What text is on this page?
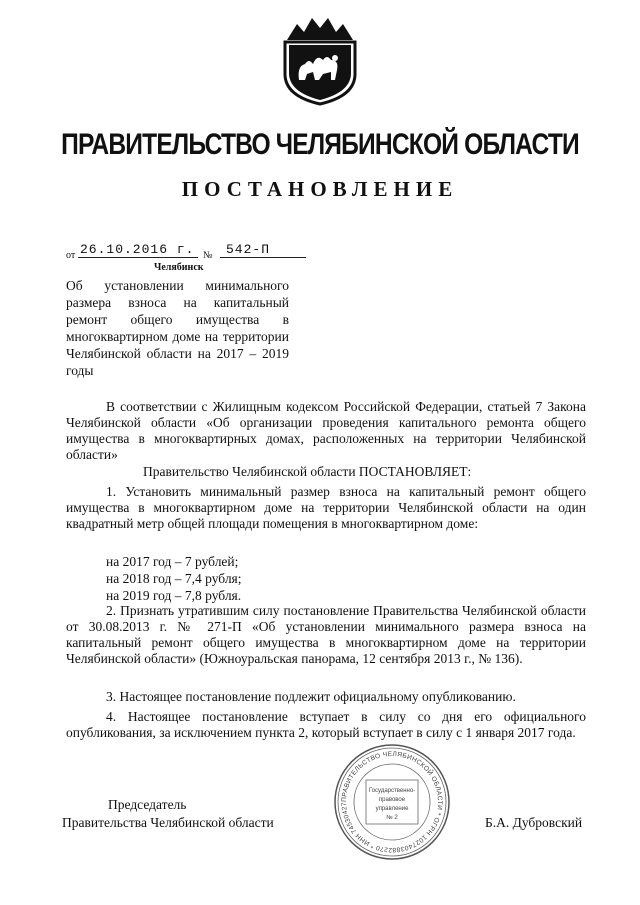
ПРАВИТЕЛЬСТВО ЧЕЛЯБИНСКОЙ ОБЛАСТИ
ПОСТАНОВЛЕНИЕ
от 26.10.2016 г. № 542-П
Челябинск
Об установлении минимального размера взноса на капитальный ремонт общего имущества в многоквартирном доме на территории Челябинской области на 2017 – 2019 годы
В соответствии с Жилищным кодексом Российской Федерации, статьей 7 Закона Челябинской области «Об организации проведения капитального ремонта общего имущества в многоквартирных домах, расположенных на территории Челябинской области»
Правительство Челябинской области ПОСТАНОВЛЯЕТ:
1. Установить минимальный размер взноса на капитальный ремонт общего имущества в многоквартирном доме на территории Челябинской области на один квадратный метр общей площади помещения в многоквартирном доме:
на 2017 год – 7 рублей;
на 2018 год – 7,4 рубля;
на 2019 год – 7,8 рубля.
2. Признать утратившим силу постановление Правительства Челябинской области от 30.08.2013 г. № 271-П «Об установлении минимального размера взноса на капитальный ремонт общего имущества в многоквартирном доме на территории Челябинской области» (Южноуральская панорама, 12 сентября 2013 г., № 136).
3. Настоящее постановление подлежит официальному опубликованию.
4. Настоящее постановление вступает в силу со дня его официального опубликования, за исключением пункта 2, который вступает в силу с 1 января 2017 года.
Председатель
Правительства Челябинской области	Б.А. Дубровский
ПРАВИТЕЛЬСТВО ЧЕЛЯБИНСКОЙ ОБЛАСТИ * ОГРН 1027403882270 * ИНН 74530427
Государственно-
правовое
управление
№ 2
